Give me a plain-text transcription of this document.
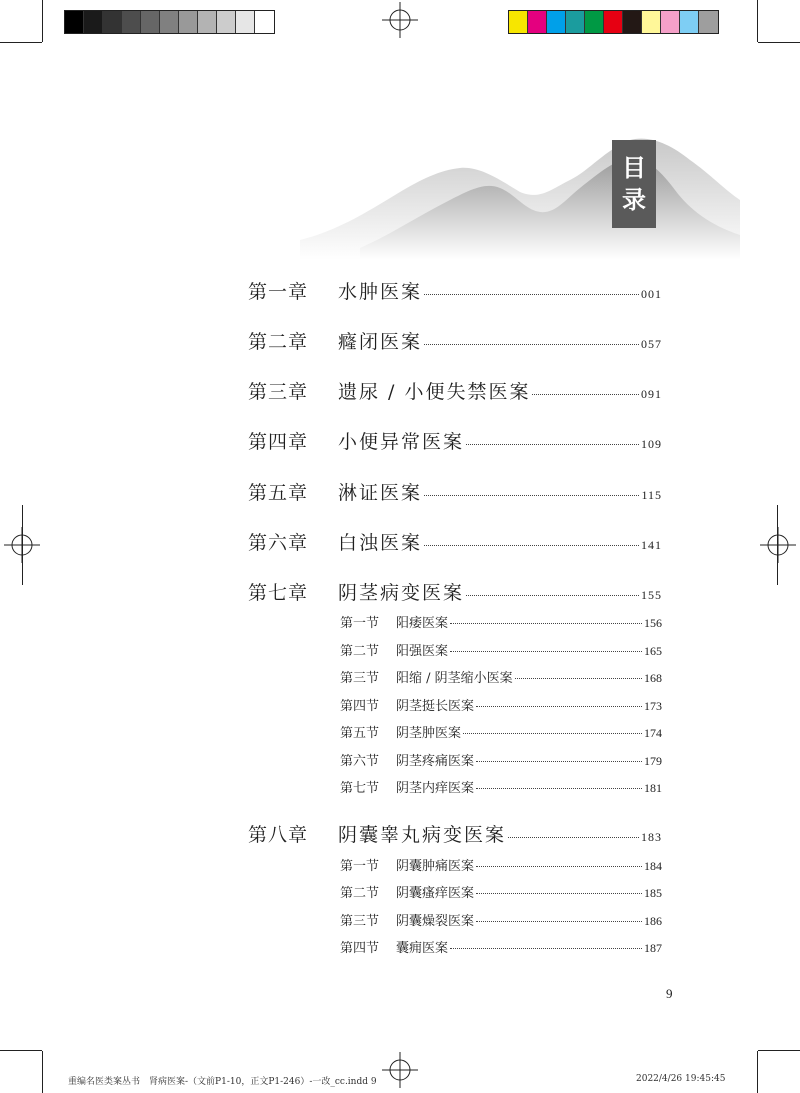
目
录
第一章	水肿医案	001
第二章	癃闭医案	057
第三章	遗尿 / 小便失禁医案	091
第四章	小便异常医案	109
第五章	淋证医案	115
第六章	白浊医案	141
第七章	阴茎病变医案	155
第一节	阳痿医案	156
第二节	阳强医案	165
第三节	阳缩 / 阴茎缩小医案	168
第四节	阴茎挺长医案	173
第五节	阴茎肿医案	174
第六节	阴茎疼痛医案	179
第七节	阴茎内痒医案	181
第八章	阴囊睾丸病变医案	183
第一节	阴囊肿痛医案	184
第二节	阴囊瘙痒医案	185
第三节	阴囊燥裂医案	186
第四节	囊痈医案	187
9
重编名医类案丛书　肾病医案-（文前P1-10，正文P1-246）-一改_cc.indd 9	2022/4/26 19:45:45
